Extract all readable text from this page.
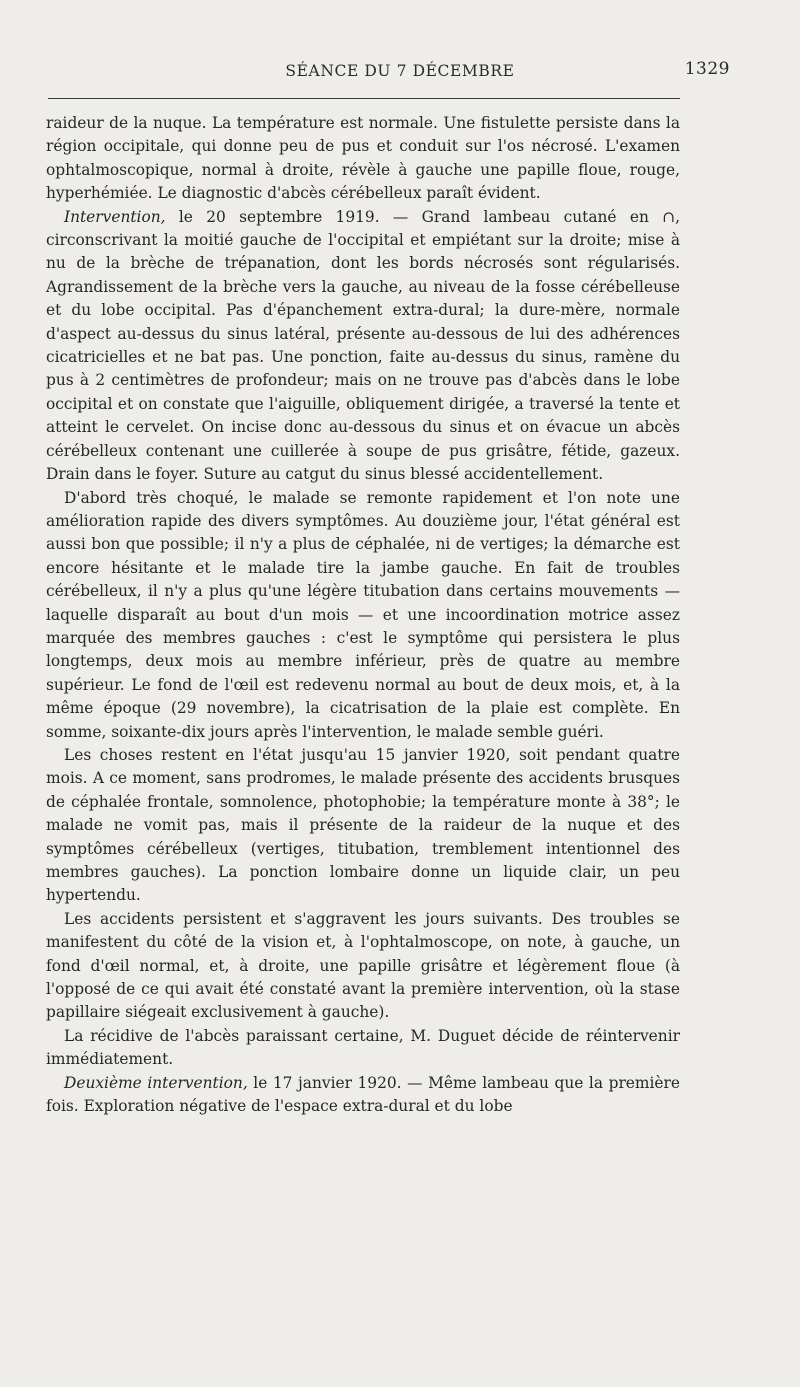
SÉANCE DU 7 DÉCEMBRE	1329

raideur de la nuque. La température est normale. Une fistulette persiste dans la région occipitale, qui donne peu de pus et conduit sur l'os nécrosé. L'examen ophtalmoscopique, normal à droite, révèle à gauche une papille floue, rouge, hyperhémiée. Le diagnostic d'abcès cérébelleux paraît évident.

Intervention, le 20 septembre 1919. — Grand lambeau cutané en ∩, circonscrivant la moitié gauche de l'occipital et empiétant sur la droite; mise à nu de la brèche de trépanation, dont les bords nécrosés sont régularisés. Agrandissement de la brèche vers la gauche, au niveau de la fosse cérébelleuse et du lobe occipital. Pas d'épanchement extra-dural; la dure-mère, normale d'aspect au-dessus du sinus latéral, présente au-dessous de lui des adhérences cicatricielles et ne bat pas. Une ponction, faite au-dessus du sinus, ramène du pus à 2 centimètres de profondeur; mais on ne trouve pas d'abcès dans le lobe occipital et on constate que l'aiguille, obliquement dirigée, a traversé la tente et atteint le cervelet. On incise donc au-dessous du sinus et on évacue un abcès cérébelleux contenant une cuillerée à soupe de pus grisâtre, fétide, gazeux. Drain dans le foyer. Suture au catgut du sinus blessé accidentellement.

D'abord très choqué, le malade se remonte rapidement et l'on note une amélioration rapide des divers symptômes. Au douzième jour, l'état général est aussi bon que possible; il n'y a plus de céphalée, ni de vertiges; la démarche est encore hésitante et le malade tire la jambe gauche. En fait de troubles cérébelleux, il n'y a plus qu'une légère titubation dans certains mouvements — laquelle disparaît au bout d'un mois — et une incoordination motrice assez marquée des membres gauches : c'est le symptôme qui persistera le plus longtemps, deux mois au membre inférieur, près de quatre au membre supérieur. Le fond de l'œil est redevenu normal au bout de deux mois, et, à la même époque (29 novembre), la cicatrisation de la plaie est complète. En somme, soixante-dix jours après l'intervention, le malade semble guéri.

Les choses restent en l'état jusqu'au 15 janvier 1920, soit pendant quatre mois. A ce moment, sans prodromes, le malade présente des accidents brusques de céphalée frontale, somnolence, photophobie; la température monte à 38°; le malade ne vomit pas, mais il présente de la raideur de la nuque et des symptômes cérébelleux (vertiges, titubation, tremblement intentionnel des membres gauches). La ponction lombaire donne un liquide clair, un peu hypertendu.

Les accidents persistent et s'aggravent les jours suivants. Des troubles se manifestent du côté de la vision et, à l'ophtalmoscope, on note, à gauche, un fond d'œil normal, et, à droite, une papille grisâtre et légèrement floue (à l'opposé de ce qui avait été constaté avant la première intervention, où la stase papillaire siégeait exclusivement à gauche).

La récidive de l'abcès paraissant certaine, M. Duguet décide de réintervenir immédiatement.

Deuxième intervention, le 17 janvier 1920. — Même lambeau que la première fois. Exploration négative de l'espace extra-dural et du lobe
